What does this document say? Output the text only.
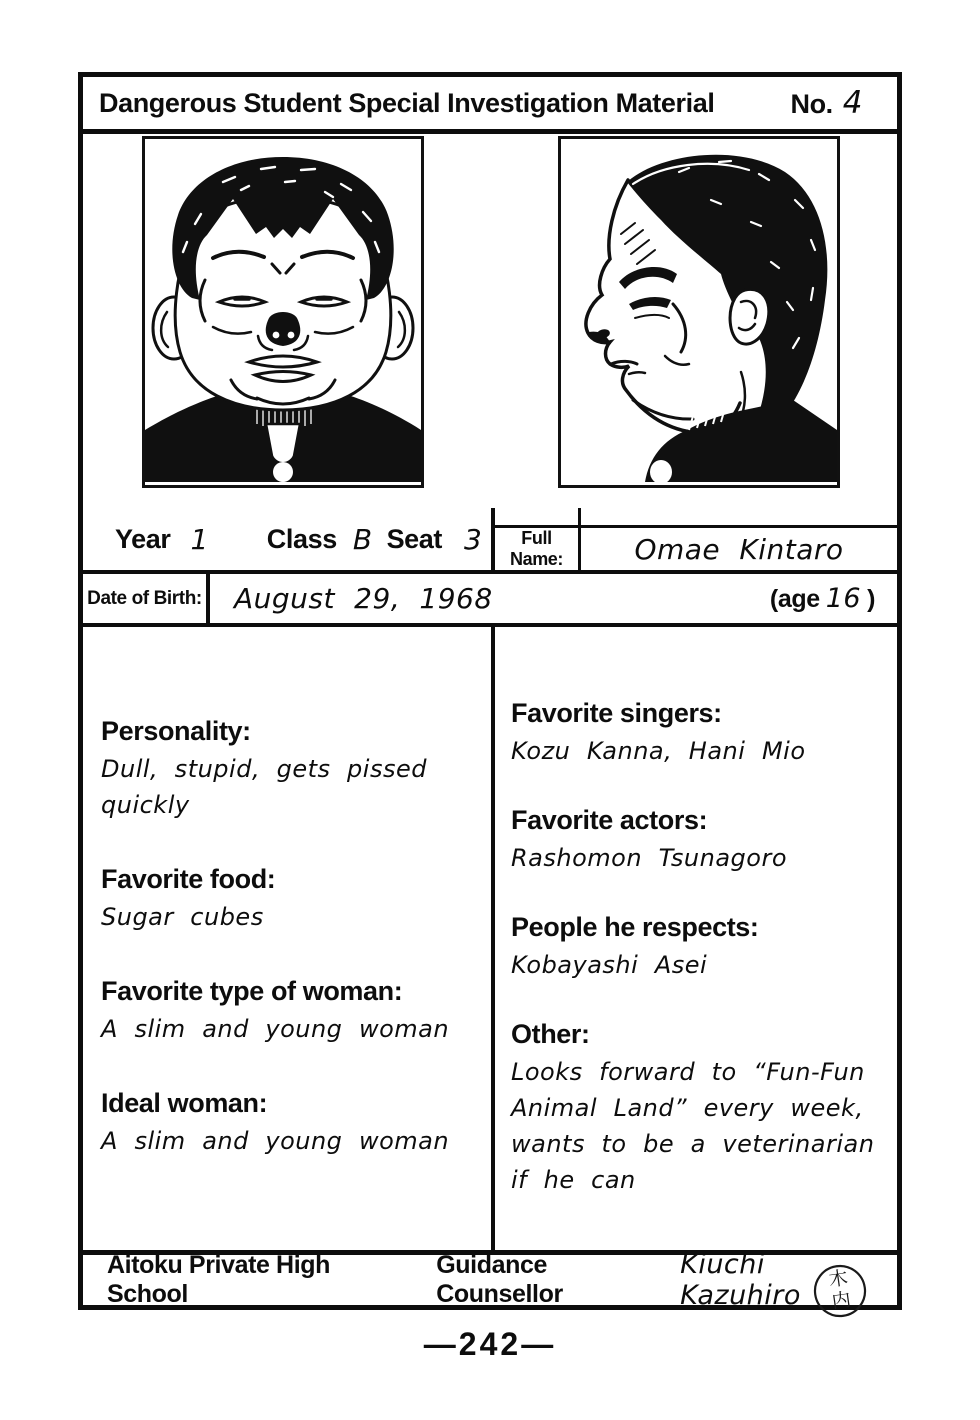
Dangerous Student Special Investigation Material	No. 4
Year 1 Class B Seat 3	Full Name:	Omae Kintaro
Date of Birth: August 29, 1968	(age 16 )
Personality:
Dull, stupid, gets pissed quickly
Favorite food:
Sugar cubes
Favorite type of woman:
A slim and young woman
Ideal woman:
A slim and young woman
Favorite singers:
Kozu Kanna, Hani Mio
Favorite actors:
Rashomon Tsunagoro
People he respects:
Kobayashi Asei
Other:
Looks forward to “Fun-Fun Animal Land” every week, wants to be a veterinarian if he can
Aitoku Private High School
Guidance Counsellor
Kiuchi Kazuhiro
木
内
—242—
